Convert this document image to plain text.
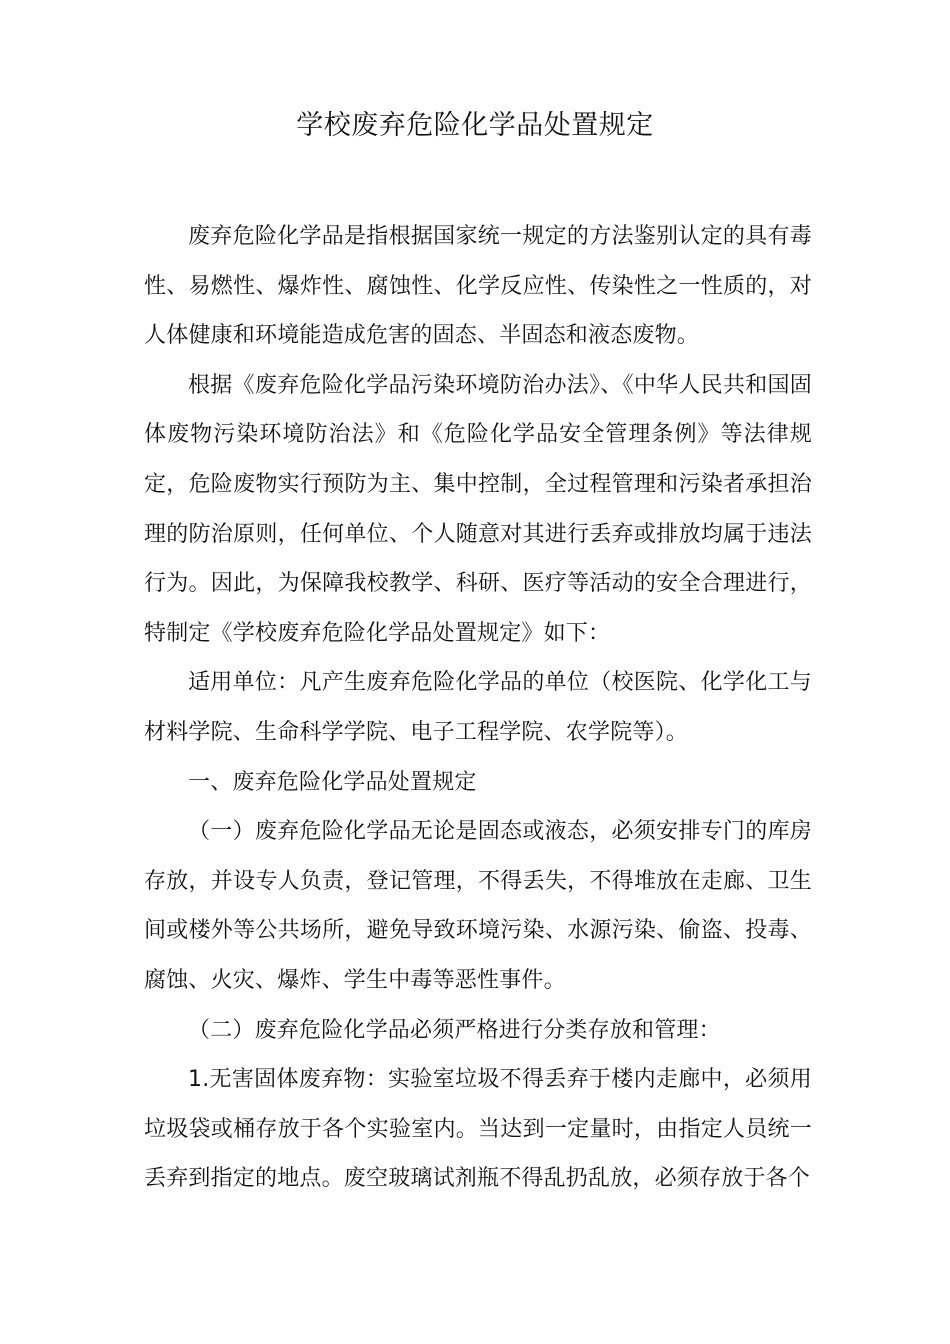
学校废弃危险化学品处置规定

废弃危险化学品是指根据国家统一规定的方法鉴别认定的具有毒性、易燃性、爆炸性、腐蚀性、化学反应性、传染性之一性质的，对人体健康和环境能造成危害的固态、半固态和液态废物。

根据《废弃危险化学品污染环境防治办法》、《中华人民共和国固体废物污染环境防治法》和《危险化学品安全管理条例》等法律规定，危险废物实行预防为主、集中控制，全过程管理和污染者承担治理的防治原则，任何单位、个人随意对其进行丢弃或排放均属于违法行为。因此，为保障我校教学、科研、医疗等活动的安全合理进行，特制定《学校废弃危险化学品处置规定》如下：

适用单位：凡产生废弃危险化学品的单位（校医院、化学化工与材料学院、生命科学学院、电子工程学院、农学院等）。

一、废弃危险化学品处置规定

（一）废弃危险化学品无论是固态或液态，必须安排专门的库房存放，并设专人负责，登记管理，不得丢失，不得堆放在走廊、卫生间或楼外等公共场所，避免导致环境污染、水源污染、偷盗、投毒、腐蚀、火灾、爆炸、学生中毒等恶性事件。

（二）废弃危险化学品必须严格进行分类存放和管理：

1.无害固体废弃物：实验室垃圾不得丢弃于楼内走廊中，必须用垃圾袋或桶存放于各个实验室内。当达到一定量时，由指定人员统一丢弃到指定的地点。废空玻璃试剂瓶不得乱扔乱放，必须存放于各个
